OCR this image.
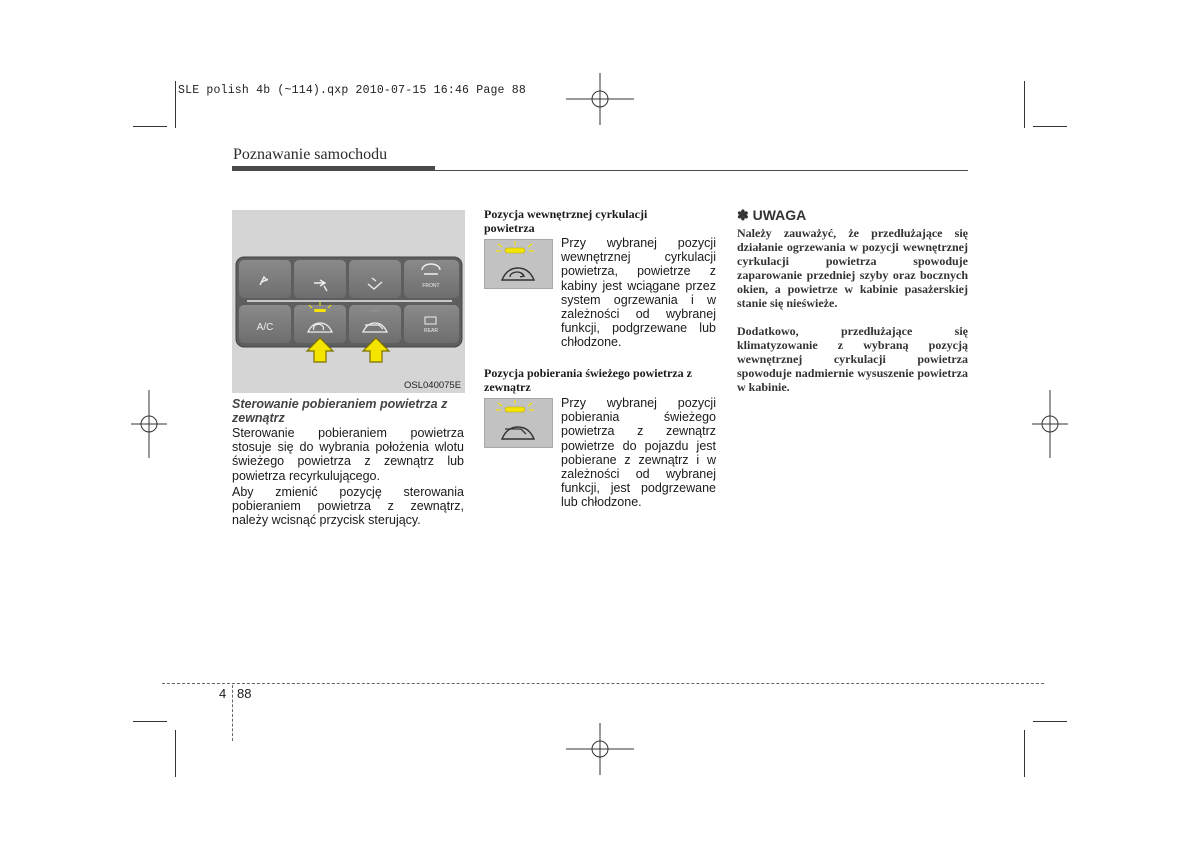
SLE polish 4b (~114).qxp 2010-07-15 16:46 Page 88
Poznawanie samochodu
FRONT
A/C	REAR
OSL040075E
Sterowanie pobieraniem powietrza z zewnątrz
Sterowanie pobieraniem powietrza stosuje się do wybrania położenia wlotu świeżego powietrza z zewnątrz lub powietrza recyrkulującego.
Aby zmienić pozycję sterowania pobieraniem powietrza z zewnątrz, należy wcisnąć przycisk sterujący.
Pozycja wewnętrznej cyrkulacji powietrza
Przy wybranej pozycji wewnętrznej cyrkulacji powietrza, powietrze z kabiny jest wciągane przez system ogrzewania i w zależności od wybranej funkcji, podgrzewane lub chłodzone.
Pozycja pobierania świeżego powietrza z zewnątrz
Przy wybranej pozycji pobierania świeżego powietrza z zewnątrz powietrze do pojazdu jest pobierane z zewnątrz i w zależności od wybranej funkcji, jest podgrzewane lub chłodzone.
✽ UWAGA
Należy zauważyć, że przedłużające się działanie ogrzewania w pozycji wewnętrznej cyrkulacji powietrza spowoduje zaparowanie przedniej szyby oraz bocznych okien, a powietrze w kabinie pasażerskiej stanie się nieświeże.
Dodatkowo, przedłużające się klimatyzowanie z wybraną pozycją wewnętrznej cyrkulacji powietrza spowoduje nadmiernie wysuszenie powietrza w kabinie.
4 88
